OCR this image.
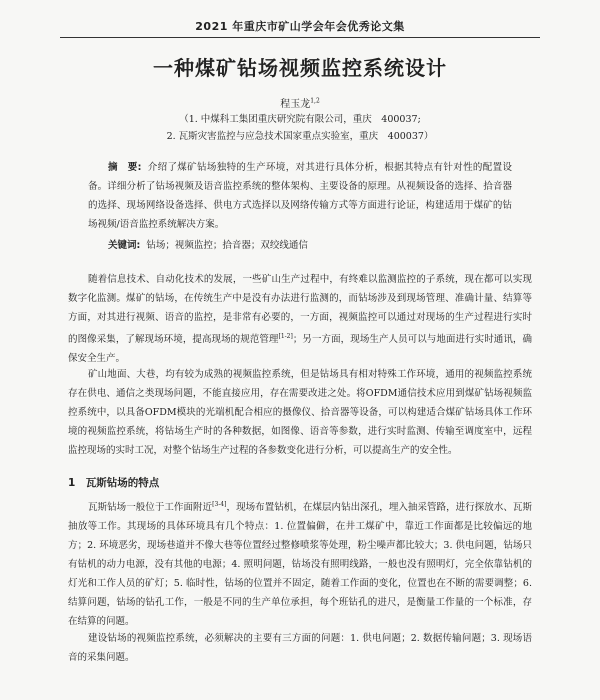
2021 年重庆市矿山学会年会优秀论文集
一种煤矿钻场视频监控系统设计
程玉龙$^{1,2}$
（1. 中煤科工集团重庆研究院有限公司，重庆　400037;
2. 瓦斯灾害监控与应急技术国家重点实验室，重庆　400037）
摘　要: 介绍了煤矿钻场独特的生产环境，对其进行具体分析，根据其特点有针对性的配置设备。详细分析了钻场视频及语音监控系统的整体架构、主要设备的原理。从视频设备的选择、拾音器的选择、现场网络设备选择、供电方式选择以及网络传输方式等方面进行论证，构建适用于煤矿的钻场视频/语音监控系统解决方案。
关键词: 钻场；视频监控；拾音器；双绞线通信
随着信息技术、自动化技术的发展，一些矿山生产过程中，有终难以监测监控的子系统，现在都可以实现数字化监测。煤矿的钻场，在传统生产中是没有办法进行监测的，而钻场涉及到现场管理、准确计量、结算等方面，对其进行视频、语音的监控，是非常有必要的，一方面，视频监控可以通过对现场的生产过程进行实时的图像采集，了解现场环境，提高现场的规范管理[1-2]；另一方面，现场生产人员可以与地面进行实时通讯，确保安全生产。
矿山地面、大巷，均有较为成熟的视频监控系统，但是钻场具有相对特殊工作环境，通用的视频监控系统存在供电、通信之类现场问题，不能直接应用，存在需要改进之处。将OFDM通信技术应用到煤矿钻场视频监控系统中，以具备OFDM模块的光端机配合相应的摄像仪、拾音器等设备，可以构建适合煤矿钻场具体工作环境的视频监控系统，将钻场生产时的各种数据，如图像、语音等参数，进行实时监测、传输至调度室中，远程监控现场的实时工况，对整个钻场生产过程的各参数变化进行分析，可以提高生产的安全性。
1　瓦斯钻场的特点
瓦斯钻场一般位于工作面附近[3-4]，现场布置钻机，在煤层内钻出深孔，埋入抽采管路，进行探放水、瓦斯抽放等工作。其现场的具体环境具有几个特点：1. 位置偏僻，在井工煤矿中，靠近工作面都是比较偏远的地方；2. 环境恶劣，现场巷道并不像大巷等位置经过整修喷浆等处理，粉尘噪声都比较大；3. 供电问题，钻场只有钻机的动力电源，没有其他的电源；4. 照明问题，钻场没有照明线路，一般也没有照明灯，完全依靠钻机的灯光和工作人员的矿灯；5. 临时性，钻场的位置并不固定，随着工作面的变化，位置也在不断的需要调整；6. 结算问题，钻场的钻孔工作，一般是不同的生产单位承担，每个班钻孔的进尺，是衡量工作量的一个标准，存在结算的问题。
建设钻场的视频监控系统，必须解决的主要有三方面的问题：1. 供电问题；2. 数据传输问题；3. 现场语音的采集问题。
